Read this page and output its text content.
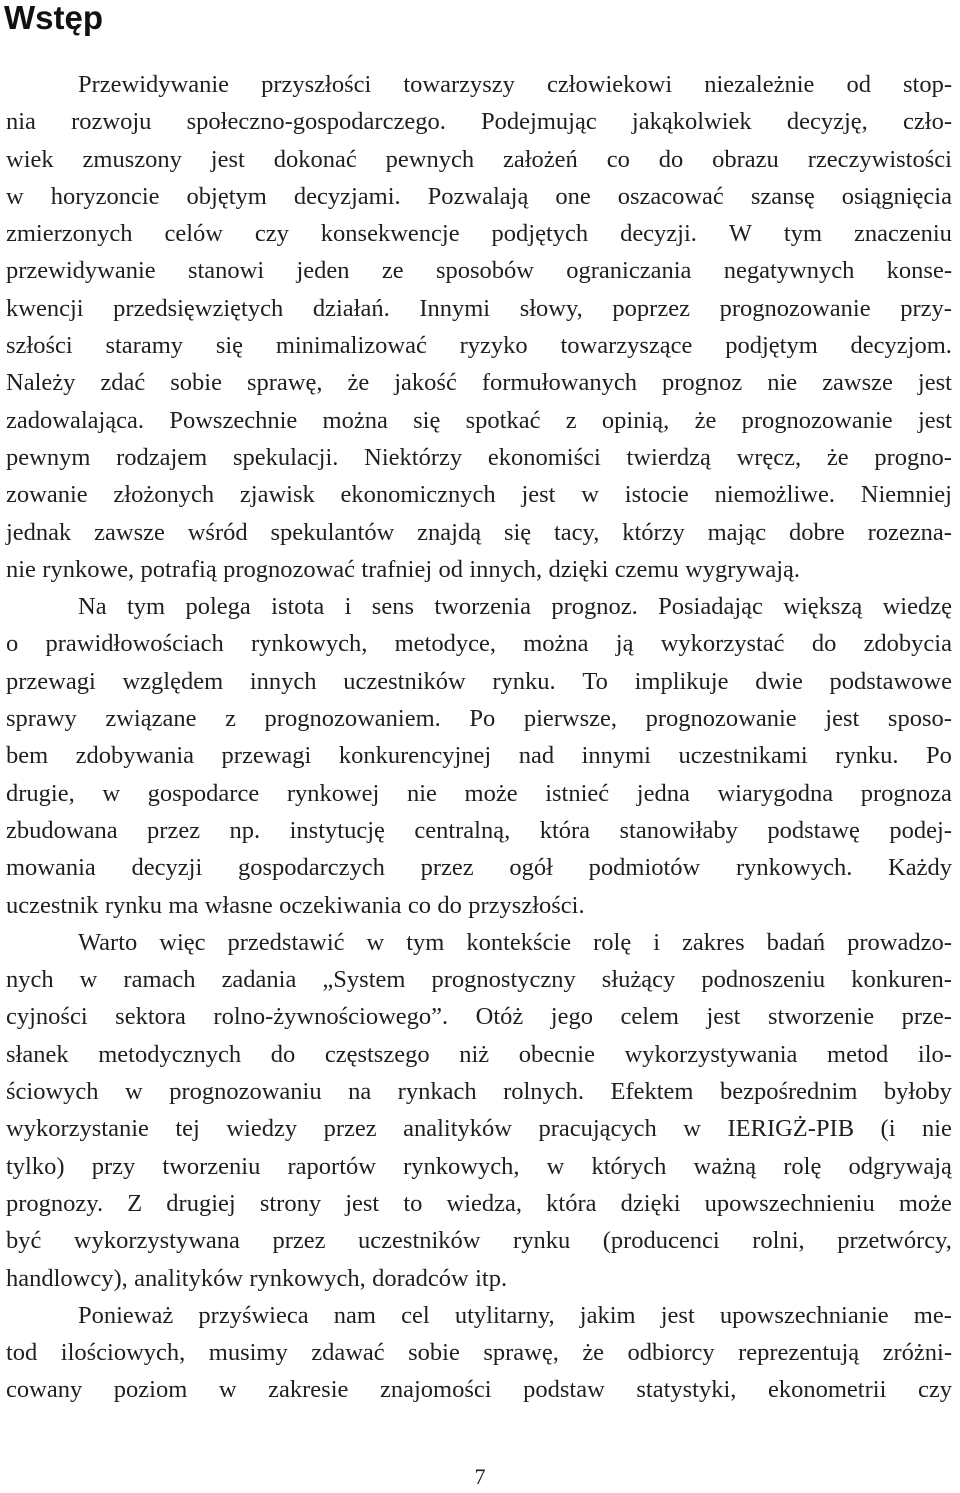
Wstęp
Przewidywanie przyszłości towarzyszy człowiekowi niezależnie od stop-
nia rozwoju społeczno-gospodarczego. Podejmując jakąkolwiek decyzję, czło-
wiek zmuszony jest dokonać pewnych założeń co do obrazu rzeczywistości
w horyzoncie objętym decyzjami. Pozwalają one oszacować szansę osiągnięcia
zmierzonych celów czy konsekwencje podjętych decyzji. W tym znaczeniu
przewidywanie stanowi jeden ze sposobów ograniczania negatywnych konse-
kwencji przedsięwziętych działań. Innymi słowy, poprzez prognozowanie przy-
szłości staramy się minimalizować ryzyko towarzyszące podjętym decyzjom.
Należy zdać sobie sprawę, że jakość formułowanych prognoz nie zawsze jest
zadowalająca. Powszechnie można się spotkać z opinią, że prognozowanie jest
pewnym rodzajem spekulacji. Niektórzy ekonomiści twierdzą wręcz, że progno-
zowanie złożonych zjawisk ekonomicznych jest w istocie niemożliwe. Niemniej
jednak zawsze wśród spekulantów znajdą się tacy, którzy mając dobre rozezna-
nie rynkowe, potrafią prognozować trafniej od innych, dzięki czemu wygrywają.
Na tym polega istota i sens tworzenia prognoz. Posiadając większą wiedzę
o prawidłowościach rynkowych, metodyce, można ją wykorzystać do zdobycia
przewagi względem innych uczestników rynku. To implikuje dwie podstawowe
sprawy związane z prognozowaniem. Po pierwsze, prognozowanie jest sposo-
bem zdobywania przewagi konkurencyjnej nad innymi uczestnikami rynku. Po
drugie, w gospodarce rynkowej nie może istnieć jedna wiarygodna prognoza
zbudowana przez np. instytucję centralną, która stanowiłaby podstawę podej-
mowania decyzji gospodarczych przez ogół podmiotów rynkowych. Każdy
uczestnik rynku ma własne oczekiwania co do przyszłości.
Warto więc przedstawić w tym kontekście rolę i zakres badań prowadzo-
nych w ramach zadania „System prognostyczny służący podnoszeniu konkuren-
cyjności sektora rolno-żywnościowego”. Otóż jego celem jest stworzenie prze-
słanek metodycznych do częstszego niż obecnie wykorzystywania metod ilo-
ściowych w prognozowaniu na rynkach rolnych. Efektem bezpośrednim byłoby
wykorzystanie tej wiedzy przez analityków pracujących w IERIGŻ-PIB (i nie
tylko) przy tworzeniu raportów rynkowych, w których ważną rolę odgrywają
prognozy. Z drugiej strony jest to wiedza, która dzięki upowszechnieniu może
być wykorzystywana przez uczestników rynku (producenci rolni, przetwórcy,
handlowcy), analityków rynkowych, doradców itp.
Ponieważ przyświeca nam cel utylitarny, jakim jest upowszechnianie me-
tod ilościowych, musimy zdawać sobie sprawę, że odbiorcy reprezentują zróżni-
cowany poziom w zakresie znajomości podstaw statystyki, ekonometrii czy
7
